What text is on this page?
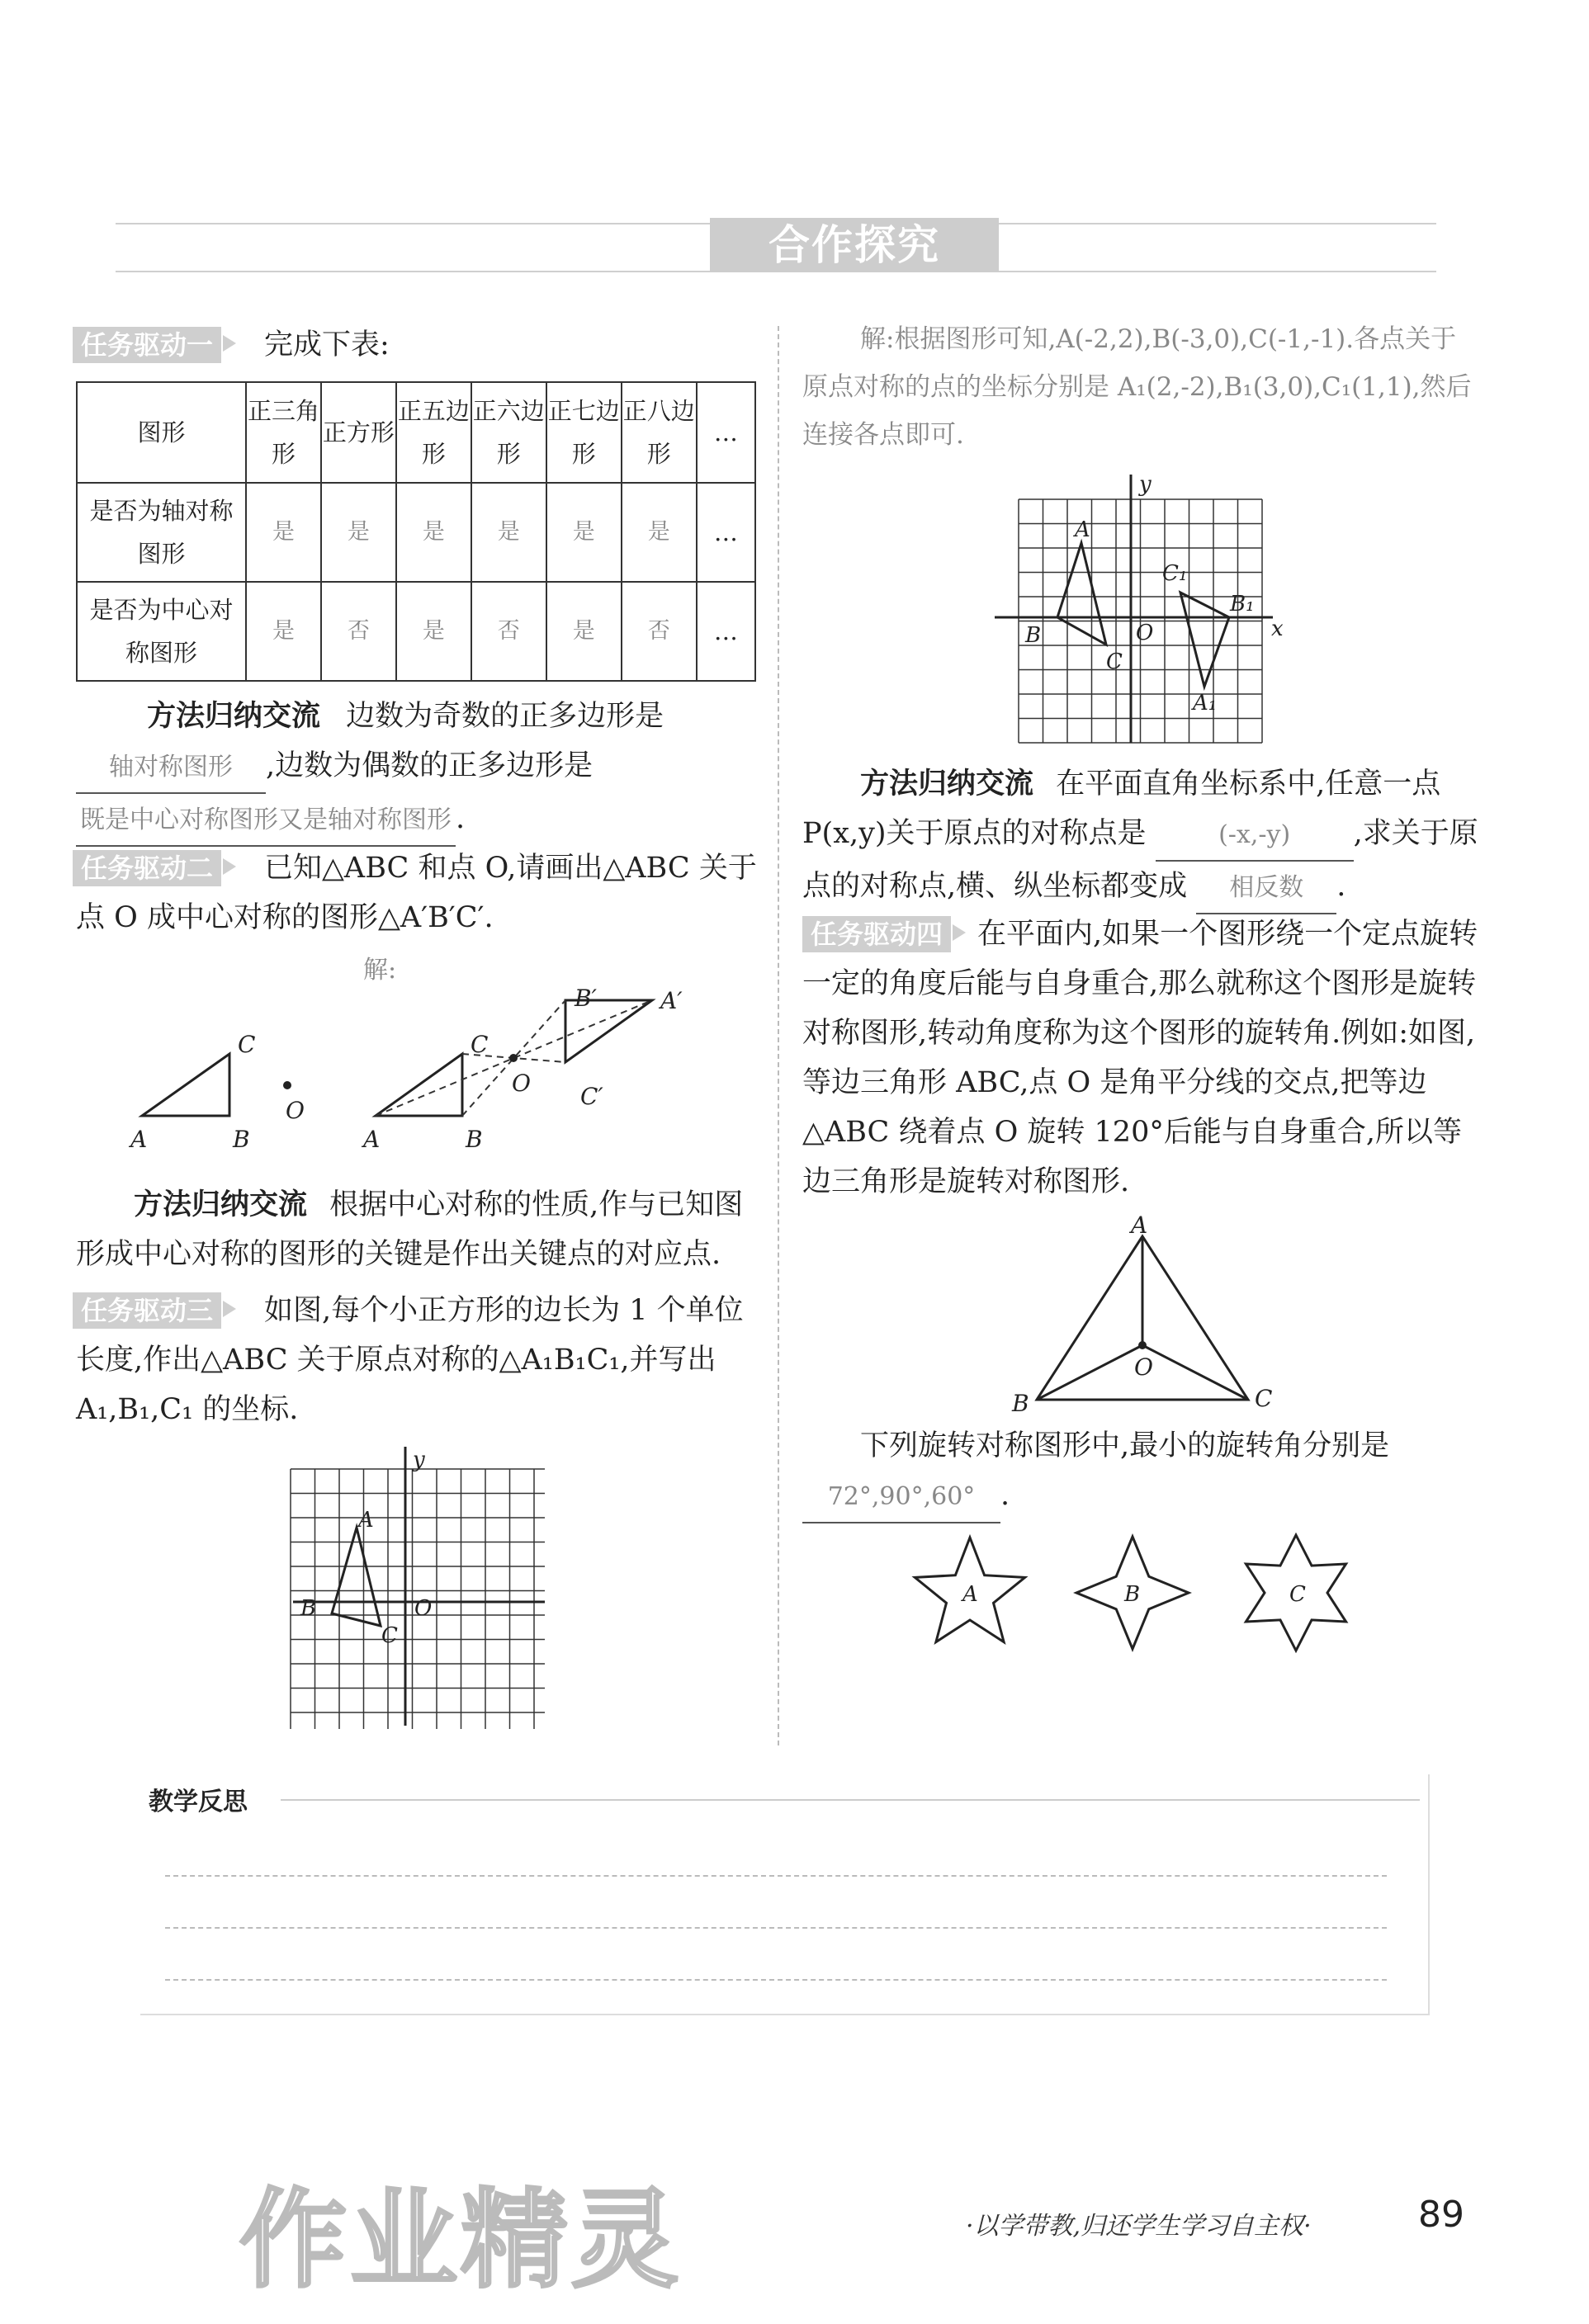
合作探究
任务驱动一 完成下表:
图形	正三角形	正方形	正五边形	正六边形	正七边形	正八边形	…
是否为轴对称图形	是	是	是	是	是	是	…
是否为中心对称图形	是	否	是	否	是	否	…
方法归纳交流 边数为奇数的正多边形是 轴对称图形 ,边数为偶数的正多边形是 既是中心对称图形又是轴对称图形 .
任务驱动二	已知△ABC 和点 O,请画出△ABC 关于点 O 成中心对称的图形△A′B′C′.
解:
A	B
C
O
A	B
C
O
A′
B′
C′
方法归纳交流 根据中心对称的性质,作与已知图形成中心对称的图形的关键是作出关键点的对应点.
任务驱动三	如图,每个小正方形的边长为 1 个单位长度,作出△ABC 关于原点对称的△A₁B₁C₁,并写出 A₁,B₁,C₁ 的坐标.
A
B
C
O
y
解:根据图形可知,A(-2,2),B(-3,0),C(-1,-1).各点关于原点对称的点的坐标分别是 A₁(2,-2),B₁(3,0),C₁(1,1),然后连接各点即可.
A
B
C
O
C₁
B₁
A₁
x
y
方法归纳交流 在平面直角坐标系中,任意一点 P(x,y)关于原点的对称点是	(-x,-y) ,求关于原点的对称点,横、纵坐标都变成 相反数 .
任务驱动四	在平面内,如果一个图形绕一个定点旋转一定的角度后能与自身重合,那么就称这个图形是旋转对称图形,转动角度称为这个图形的旋转角.例如:如图,等边三角形 ABC,点 O 是角平分线的交点,把等边△ABC 绕着点 O 旋转 120°后能与自身重合,所以等边三角形是旋转对称图形.
A
B	C
O
下列旋转对称图形中,最小的旋转角分别是 72°,90°,60° .
A	B	C
教学反思
作业精灵	·以学带教,归还学生学习自主权·	89
